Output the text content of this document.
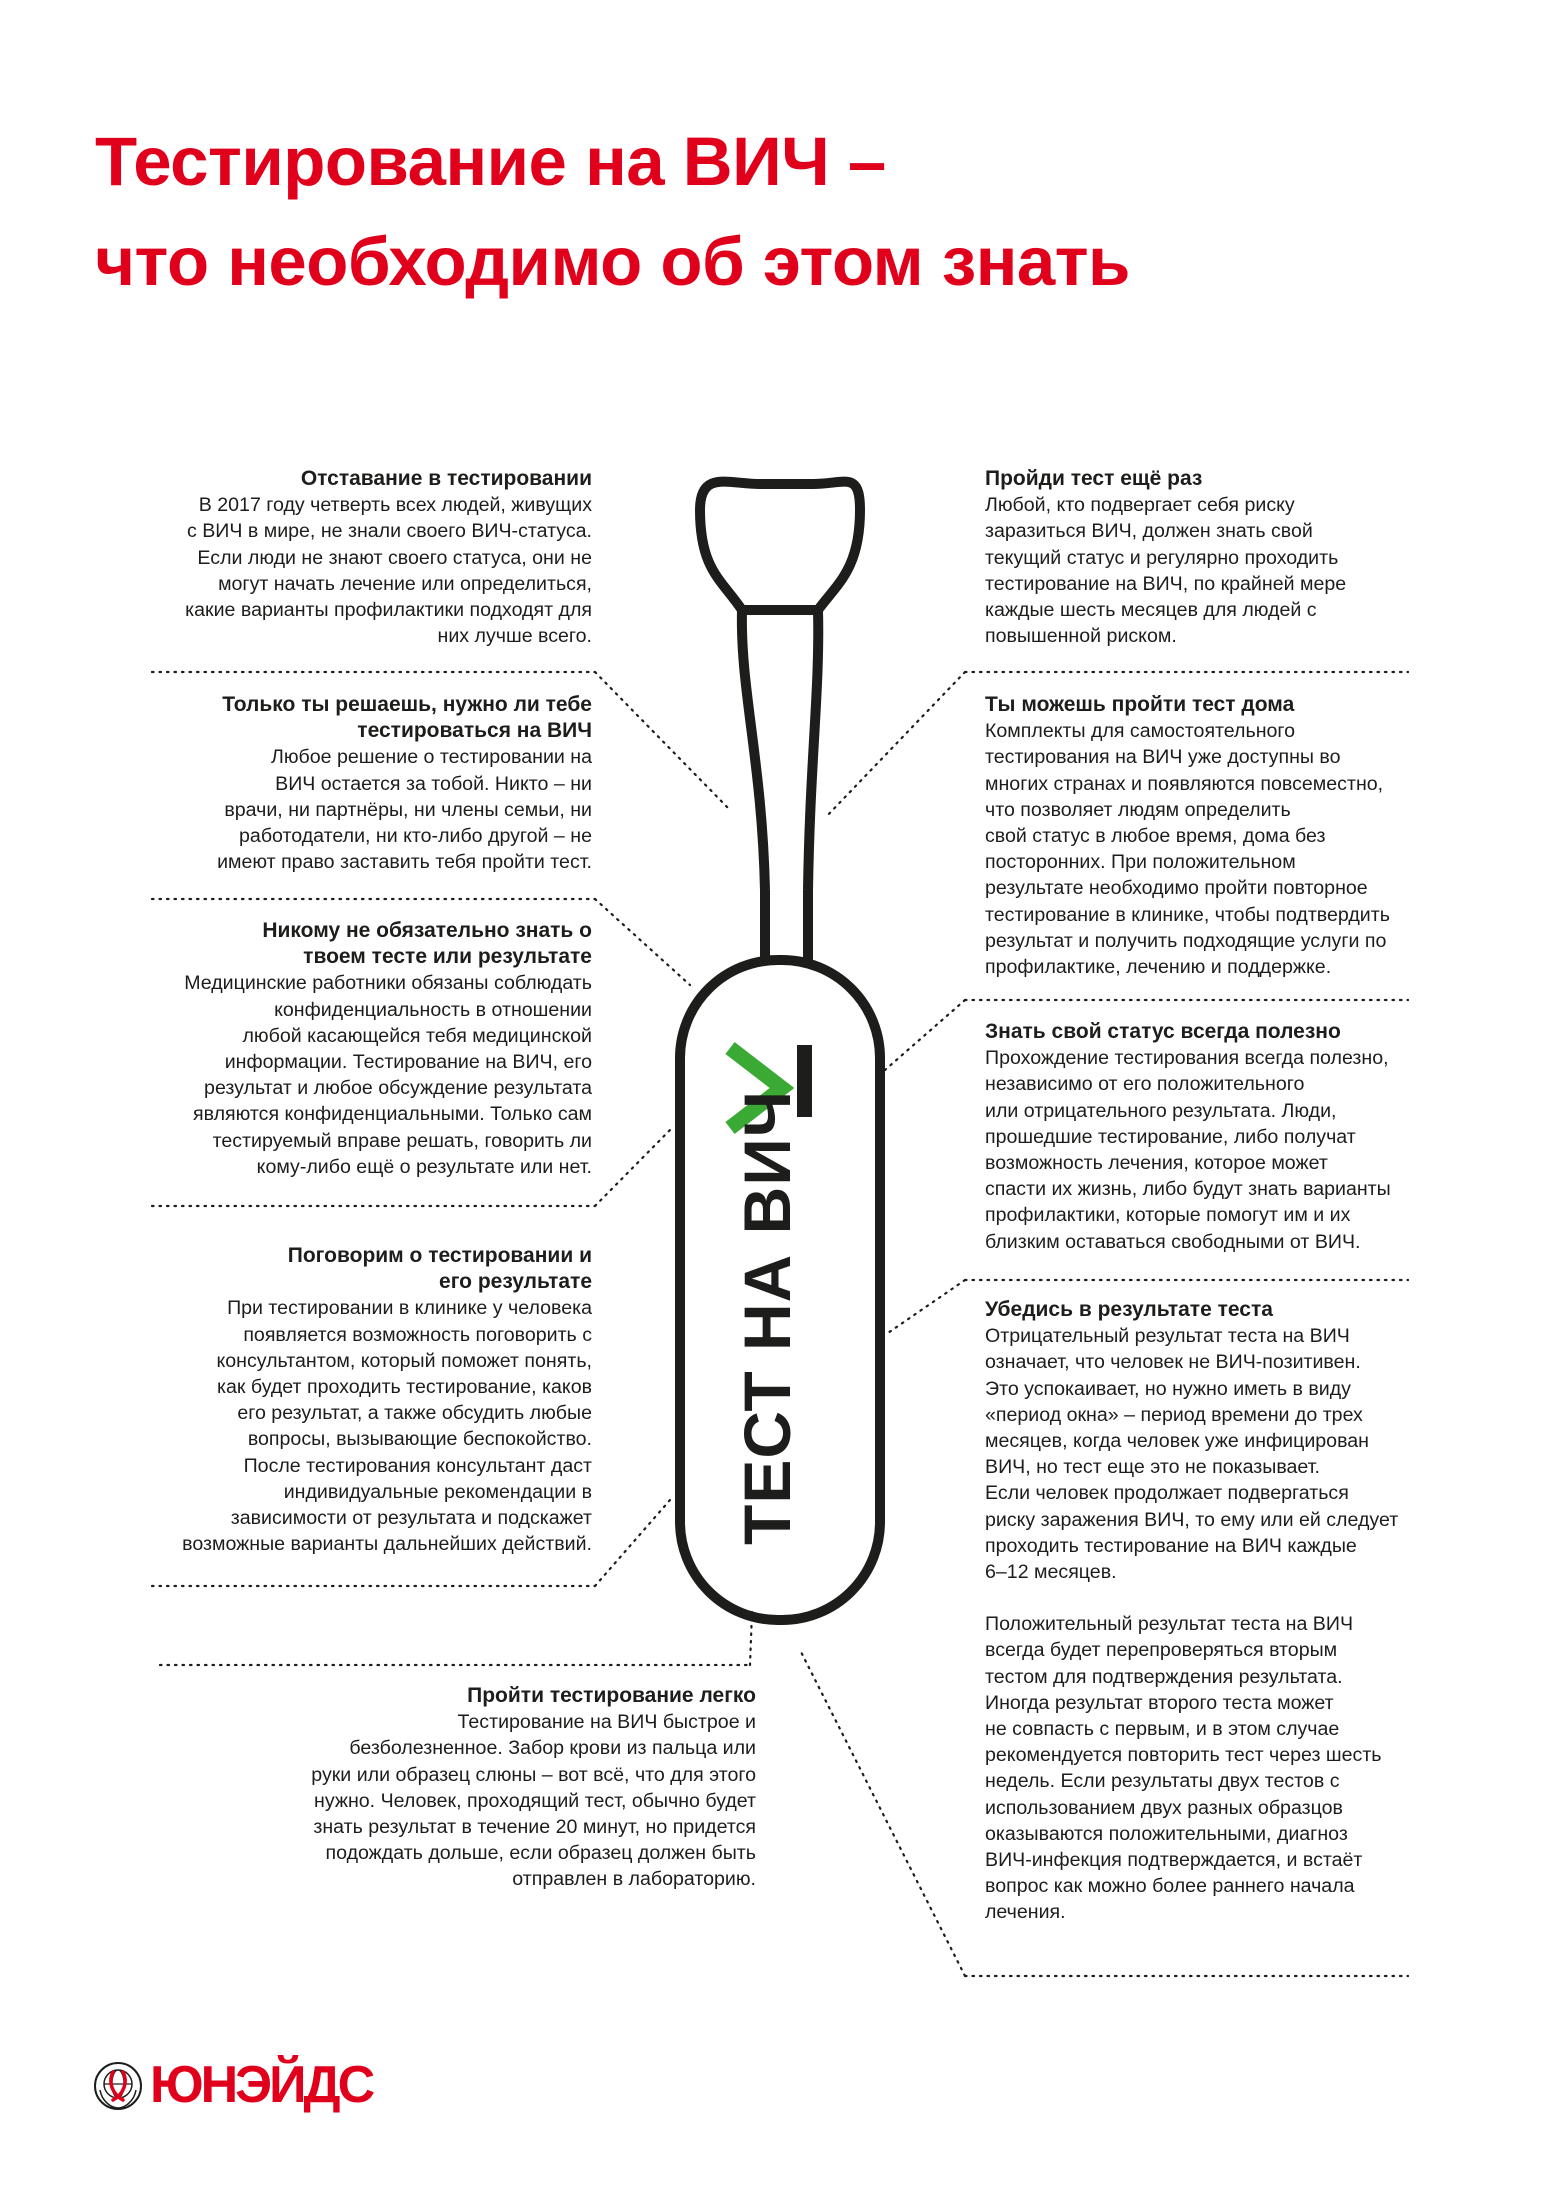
Тестирование на ВИЧ –
что необходимо об этом знать
ТЕСТ НА ВИЧ
Отставание в тестировании

В 2017 году четверть всех людей, живущих

с ВИЧ в мире, не знали своего ВИЧ-статуса.

Если люди не знают своего статуса, они не

могут начать лечение или определиться,

какие варианты профилактики подходят для

них лучше всего.

Только ты решаешь, нужно ли тебе
тестироваться на ВИЧ

Любое решение о тестировании на

ВИЧ остается за тобой. Никто – ни

врачи, ни партнёры, ни члены семьи, ни

работодатели, ни кто-либо другой – не

имеют право заставить тебя пройти тест.

Никому не обязательно знать о
твоем тесте или результате

Медицинские работники обязаны соблюдать

конфиденциальность в отношении

любой касающейся тебя медицинской

информации. Тестирование на ВИЧ, его

результат и любое обсуждение результата

являются конфиденциальными. Только сам

тестируемый вправе решать, говорить ли

кому-либо ещё о результате или нет.

Поговорим о тестировании и
его результате

При тестировании в клинике у человека

появляется возможность поговорить с

консультантом, который поможет понять,

как будет проходить тестирование, каков

его результат, а также обсудить любые

вопросы, вызывающие беспокойство.

После тестирования консультант даст

индивидуальные рекомендации в

зависимости от результата и подскажет

возможные варианты дальнейших действий.

Пройти тестирование легко

Тестирование на ВИЧ быстрое и

безболезненное. Забор крови из пальца или

руки или образец слюны – вот всё, что для этого

нужно. Человек, проходящий тест, обычно будет

знать результат в течение 20 минут, но придется

подождать дольше, если образец должен быть

отправлен в лабораторию.

Пройди тест ещё раз

Любой, кто подвергает себя риску

заразиться ВИЧ, должен знать свой

текущий статус и регулярно проходить

тестирование на ВИЧ, по крайней мере

каждые шесть месяцев для людей с

повышенной риском.

Ты можешь пройти тест дома

Комплекты для самостоятельного

тестирования на ВИЧ уже доступны во

многих странах и появляются повсеместно,

что позволяет людям определить

свой статус в любое время, дома без

посторонних. При положительном

результате необходимо пройти повторное

тестирование в клинике, чтобы подтвердить

результат и получить подходящие услуги по

профилактике, лечению и поддержке.

Знать свой статус всегда полезно

Прохождение тестирования всегда полезно,

независимо от его положительного

или отрицательного результата. Люди,

прошедшие тестирование, либо получат

возможность лечения, которое может

спасти их жизнь, либо будут знать варианты

профилактики, которые помогут им и их

близким оставаться свободными от ВИЧ.

Убедись в результате теста

Отрицательный результат теста на ВИЧ

означает, что человек не ВИЧ-позитивен.

Это успокаивает, но нужно иметь в виду

«период окна» – период времени до трех

месяцев, когда человек уже инфицирован

ВИЧ, но тест еще это не показывает.

Если человек продолжает подвергаться

риску заражения ВИЧ, то ему или ей следует

проходить тестирование на ВИЧ каждые

6–12 месяцев.

Положительный результат теста на ВИЧ

всегда будет перепроверяться вторым

тестом для подтверждения результата.

Иногда результат второго теста может

не совпасть с первым, и в этом случае

рекомендуется повторить тест через шесть

недель. Если результаты двух тестов с

использованием двух разных образцов

оказываются положительными, диагноз

ВИЧ-инфекция подтверждается, и встаёт

вопрос как можно более раннего начала

лечения.

ЮНЭЙДС
